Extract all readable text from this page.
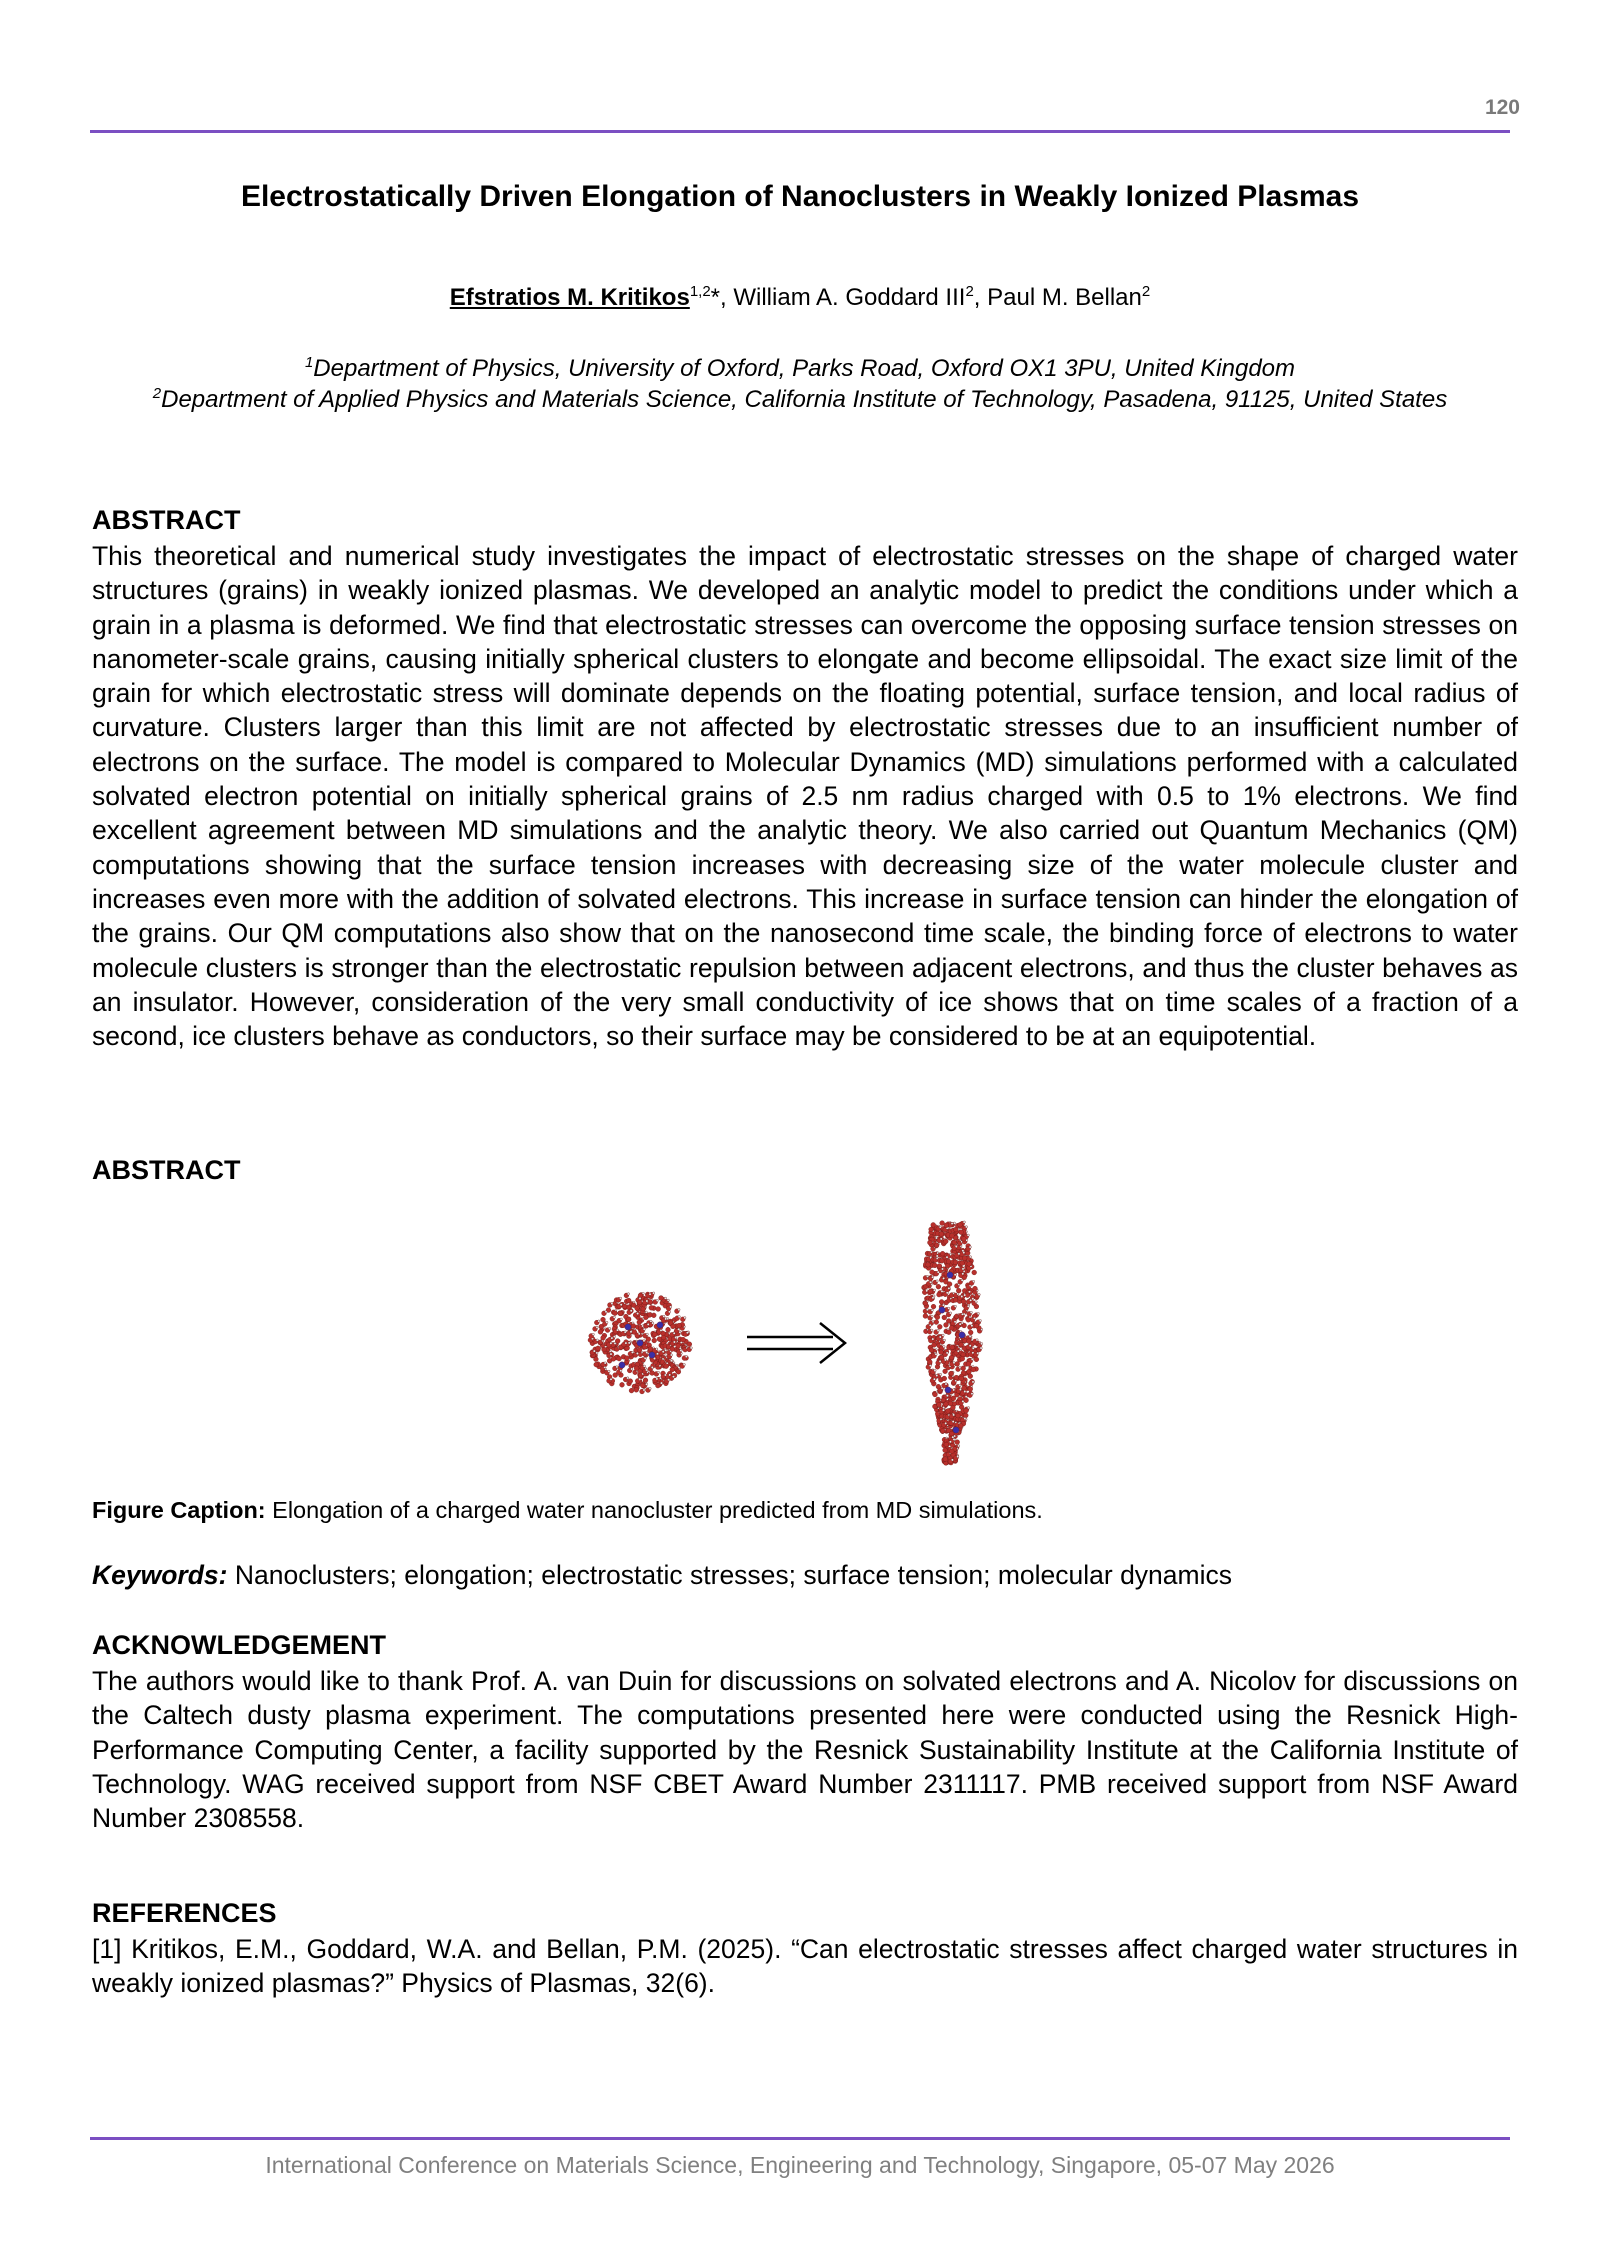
120
Electrostatically Driven Elongation of Nanoclusters in Weakly Ionized Plasmas
Efstratios M. Kritikos$^{1,2}$*, William A. Goddard III$^2$, Paul M. Bellan$^2$
$^1$Department of Physics, University of Oxford, Parks Road, Oxford OX1 3PU, United Kingdom
$^2$Department of Applied Physics and Materials Science, California Institute of Technology, Pasadena, 91125, United States
ABSTRACT
This theoretical and numerical study investigates the impact of electrostatic stresses on the shape of charged water structures (grains) in weakly ionized plasmas. We developed an analytic model to predict the conditions under which a grain in a plasma is deformed. We find that electrostatic stresses can overcome the opposing surface tension stresses on nanometer-scale grains, causing initially spherical clusters to elongate and become ellipsoidal. The exact size limit of the grain for which electrostatic stress will dominate depends on the floating potential, surface tension, and local radius of curvature. Clusters larger than this limit are not affected by electrostatic stresses due to an insufficient number of electrons on the surface. The model is compared to Molecular Dynamics (MD) simulations performed with a calculated solvated electron potential on initially spherical grains of 2.5 nm radius charged with 0.5 to 1% electrons. We find excellent agreement between MD simulations and the analytic theory. We also carried out Quantum Mechanics (QM) computations showing that the surface tension increases with decreasing size of the water molecule cluster and increases even more with the addition of solvated electrons. This increase in surface tension can hinder the elongation of the grains. Our QM computations also show that on the nanosecond time scale, the binding force of electrons to water molecule clusters is stronger than the electrostatic repulsion between adjacent electrons, and thus the cluster behaves as an insulator. However, consideration of the very small conductivity of ice shows that on time scales of a fraction of a second, ice clusters behave as conductors, so their surface may be considered to be at an equipotential.
ABSTRACT
Figure Caption: Elongation of a charged water nanocluster predicted from MD simulations.
Keywords: Nanoclusters; elongation; electrostatic stresses; surface tension; molecular dynamics
ACKNOWLEDGEMENT
The authors would like to thank Prof. A. van Duin for discussions on solvated electrons and A. Nicolov for discussions on the Caltech dusty plasma experiment. The computations presented here were conducted using the Resnick High-Performance Computing Center, a facility supported by the Resnick Sustainability Institute at the California Institute of Technology. WAG received support from NSF CBET Award Number 2311117. PMB received support from NSF Award Number 2308558.
REFERENCES
[1] Kritikos, E.M., Goddard, W.A. and Bellan, P.M. (2025). “Can electrostatic stresses affect charged water structures in weakly ionized plasmas?” Physics of Plasmas, 32(6).
International Conference on Materials Science, Engineering and Technology, Singapore, 05-07 May 2026
